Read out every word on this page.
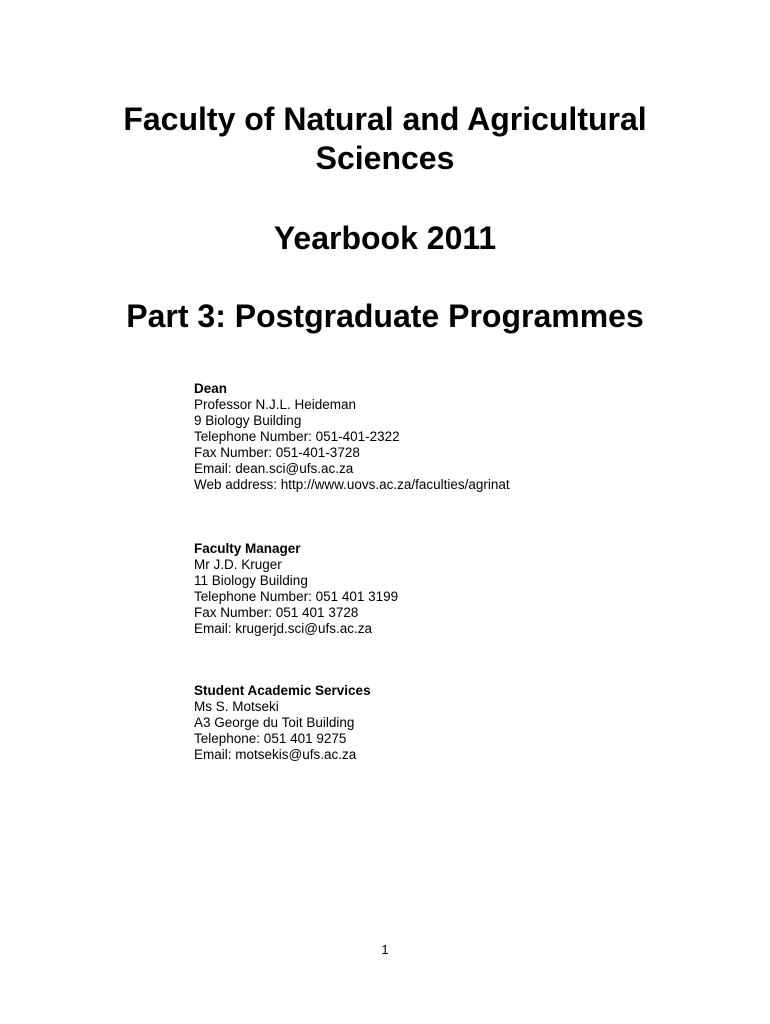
Faculty of Natural and Agricultural
Sciences
Yearbook 2011
Part 3: Postgraduate Programmes
Dean
Professor N.J.L. Heideman
9 Biology Building
Telephone Number: 051-401-2322
Fax Number: 051-401-3728
Email: dean.sci@ufs.ac.za
Web address: http://www.uovs.ac.za/faculties/agrinat
Faculty Manager
Mr J.D. Kruger
11 Biology Building
Telephone Number: 051 401 3199
Fax Number: 051 401 3728
Email: krugerjd.sci@ufs.ac.za
Student Academic Services
Ms S. Motseki
A3 George du Toit Building
Telephone: 051 401 9275
Email: motsekis@ufs.ac.za
1
